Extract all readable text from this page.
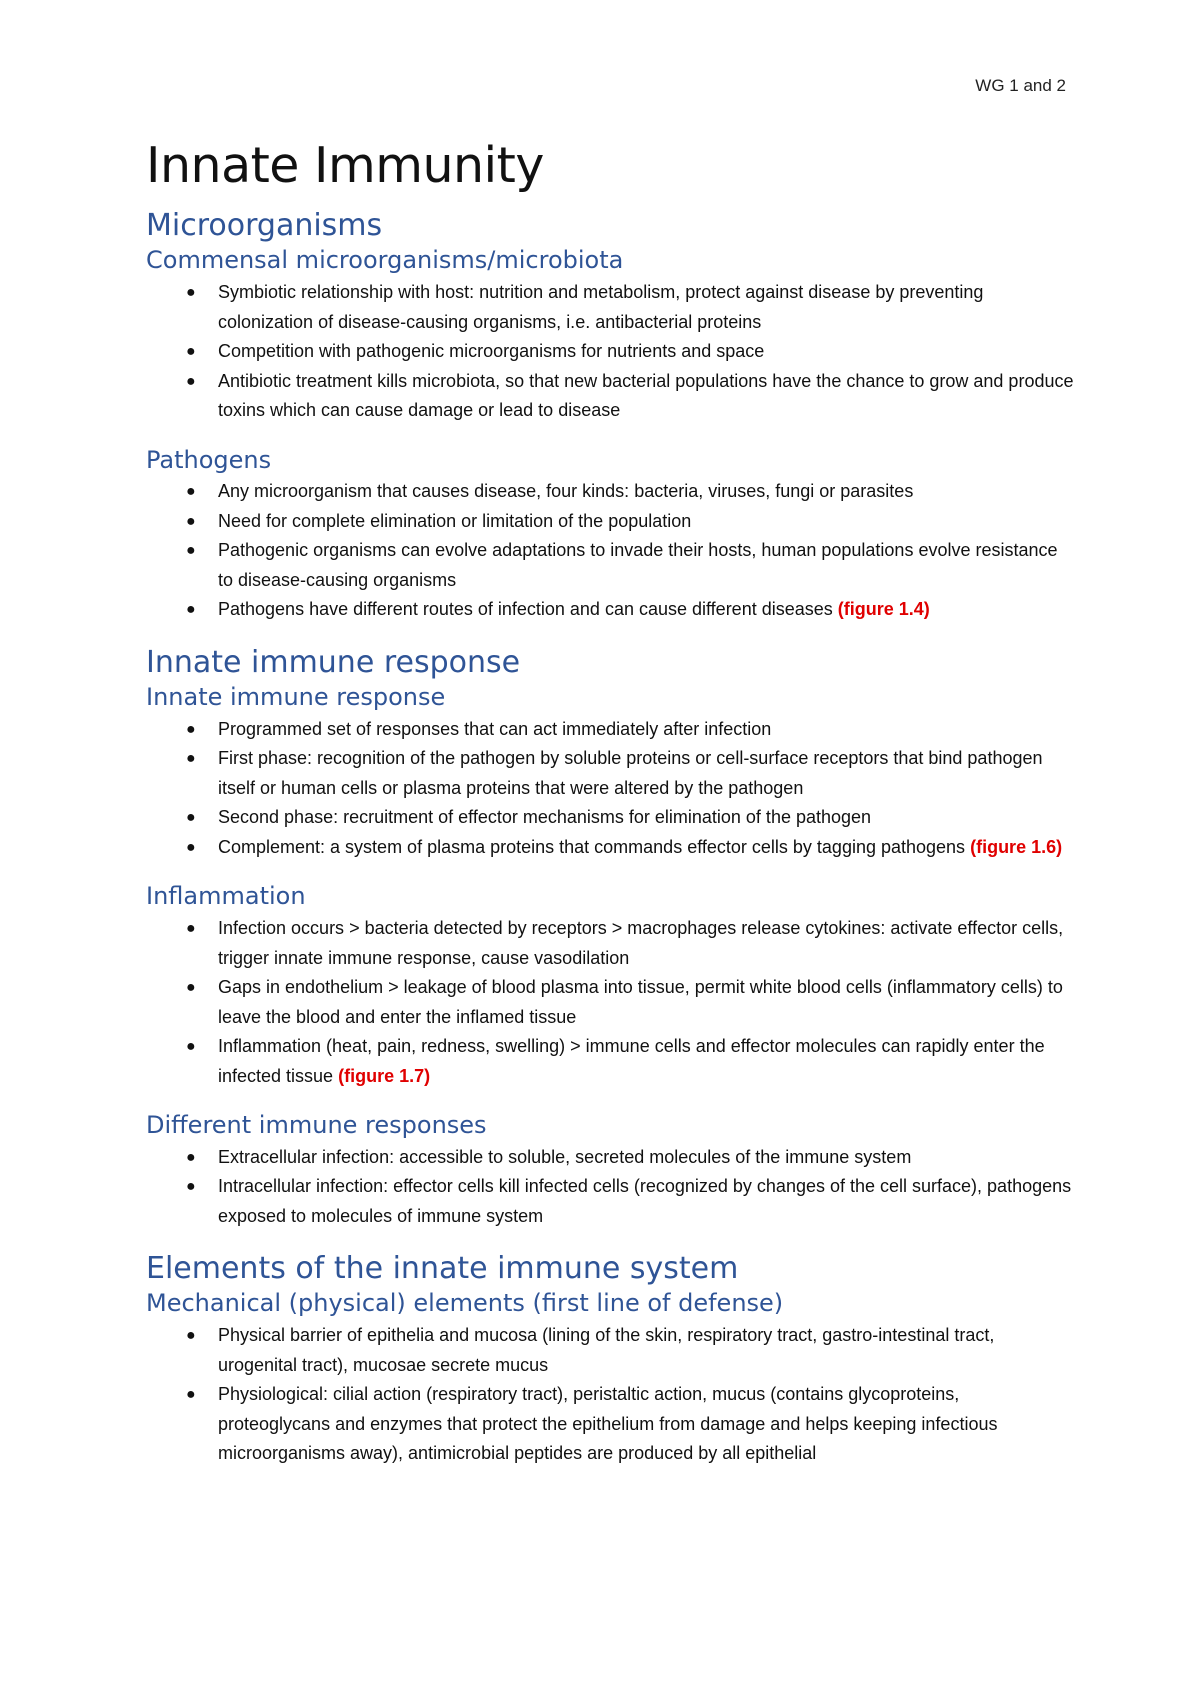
WG 1 and 2
Innate Immunity
Microorganisms
Commensal microorganisms/microbiota
● Symbiotic relationship with host: nutrition and metabolism, protect against disease by preventing colonization of disease-causing organisms, i.e. antibacterial proteins
● Competition with pathogenic microorganisms for nutrients and space
● Antibiotic treatment kills microbiota, so that new bacterial populations have the chance to grow and produce toxins which can cause damage or lead to disease
Pathogens
● Any microorganism that causes disease, four kinds: bacteria, viruses, fungi or parasites
● Need for complete elimination or limitation of the population
● Pathogenic organisms can evolve adaptations to invade their hosts, human populations evolve resistance to disease-causing organisms
● Pathogens have different routes of infection and can cause different diseases (figure 1.4)
Innate immune response
Innate immune response
● Programmed set of responses that can act immediately after infection
● First phase: recognition of the pathogen by soluble proteins or cell-surface receptors that bind pathogen itself or human cells or plasma proteins that were altered by the pathogen
● Second phase: recruitment of effector mechanisms for elimination of the pathogen
● Complement: a system of plasma proteins that commands effector cells by tagging pathogens (figure 1.6)
Inflammation
● Infection occurs > bacteria detected by receptors > macrophages release cytokines: activate effector cells, trigger innate immune response, cause vasodilation
● Gaps in endothelium > leakage of blood plasma into tissue, permit white blood cells (inflammatory cells) to leave the blood and enter the inflamed tissue
● Inflammation (heat, pain, redness, swelling) > immune cells and effector molecules can rapidly enter the infected tissue (figure 1.7)
Different immune responses
● Extracellular infection: accessible to soluble, secreted molecules of the immune system
● Intracellular infection: effector cells kill infected cells (recognized by changes of the cell surface), pathogens exposed to molecules of immune system
Elements of the innate immune system
Mechanical (physical) elements (first line of defense)
● Physical barrier of epithelia and mucosa (lining of the skin, respiratory tract, gastro-intestinal tract, urogenital tract), mucosae secrete mucus
● Physiological: cilial action (respiratory tract), peristaltic action, mucus (contains glycoproteins, proteoglycans and enzymes that protect the epithelium from damage and helps keeping infectious microorganisms away), antimicrobial peptides are produced by all epithelial
